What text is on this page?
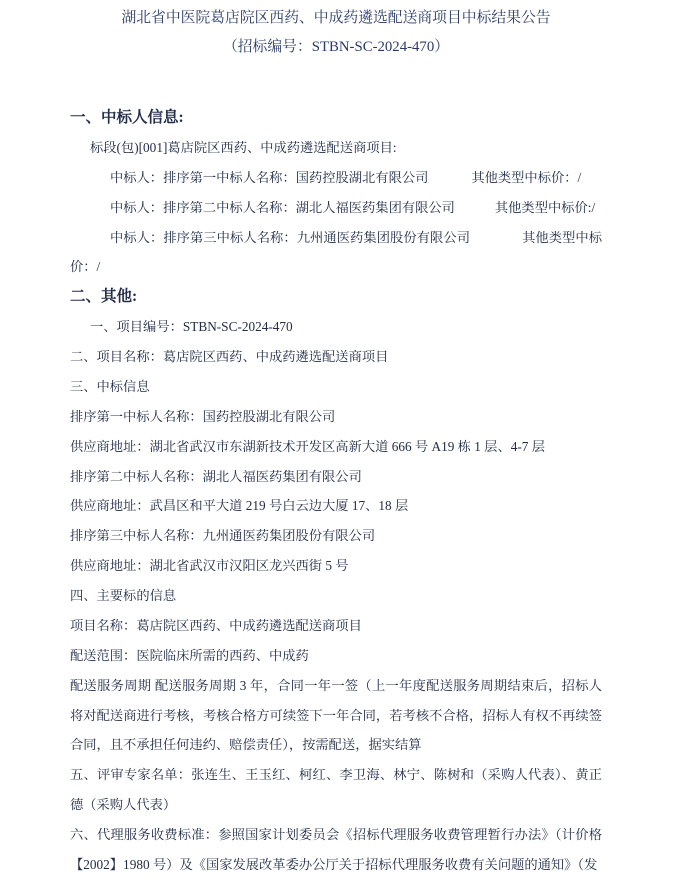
湖北省中医院葛店院区西药、中成药遴选配送商项目中标结果公告
（招标编号：STBN-SC-2024-470）

一、中标人信息:

标段(包)[001]葛店院区西药、中成药遴选配送商项目:

中标人：排序第一中标人名称：国药控股湖北有限公司	其他类型中标价：/

中标人：排序第二中标人名称：湖北人福医药集团有限公司	其他类型中标价:/

中标人：排序第三中标人名称：九州通医药集团股份有限公司	其他类型中标价：/

二、其他:

一、项目编号：STBN-SC-2024-470

二、项目名称：葛店院区西药、中成药遴选配送商项目

三、中标信息

排序第一中标人名称：国药控股湖北有限公司

供应商地址：湖北省武汉市东湖新技术开发区高新大道 666 号 A19 栋 1 层、4-7 层

排序第二中标人名称：湖北人福医药集团有限公司

供应商地址：武昌区和平大道 219 号白云边大厦 17、18 层

排序第三中标人名称：九州通医药集团股份有限公司

供应商地址：湖北省武汉市汉阳区龙兴西街 5 号

四、主要标的信息

项目名称：葛店院区西药、中成药遴选配送商项目

配送范围：医院临床所需的西药、中成药

配送服务周期 配送服务周期 3 年，合同一年一签（上一年度配送服务周期结束后，招标人将对配送商进行考核，考核合格方可续签下一年合同，若考核不合格，招标人有权不再续签合同，且不承担任何违约、赔偿责任），按需配送，据实结算

五、评审专家名单：张连生、王玉红、柯红、李卫海、林宁、陈树和（采购人代表）、黄正德（采购人代表）

六、代理服务收费标准：参照国家计划委员会《招标代理服务收费管理暂行办法》（计价格【2002】1980 号）及《国家发展改革委办公厅关于招标代理服务收费有关问题的通知》（发
